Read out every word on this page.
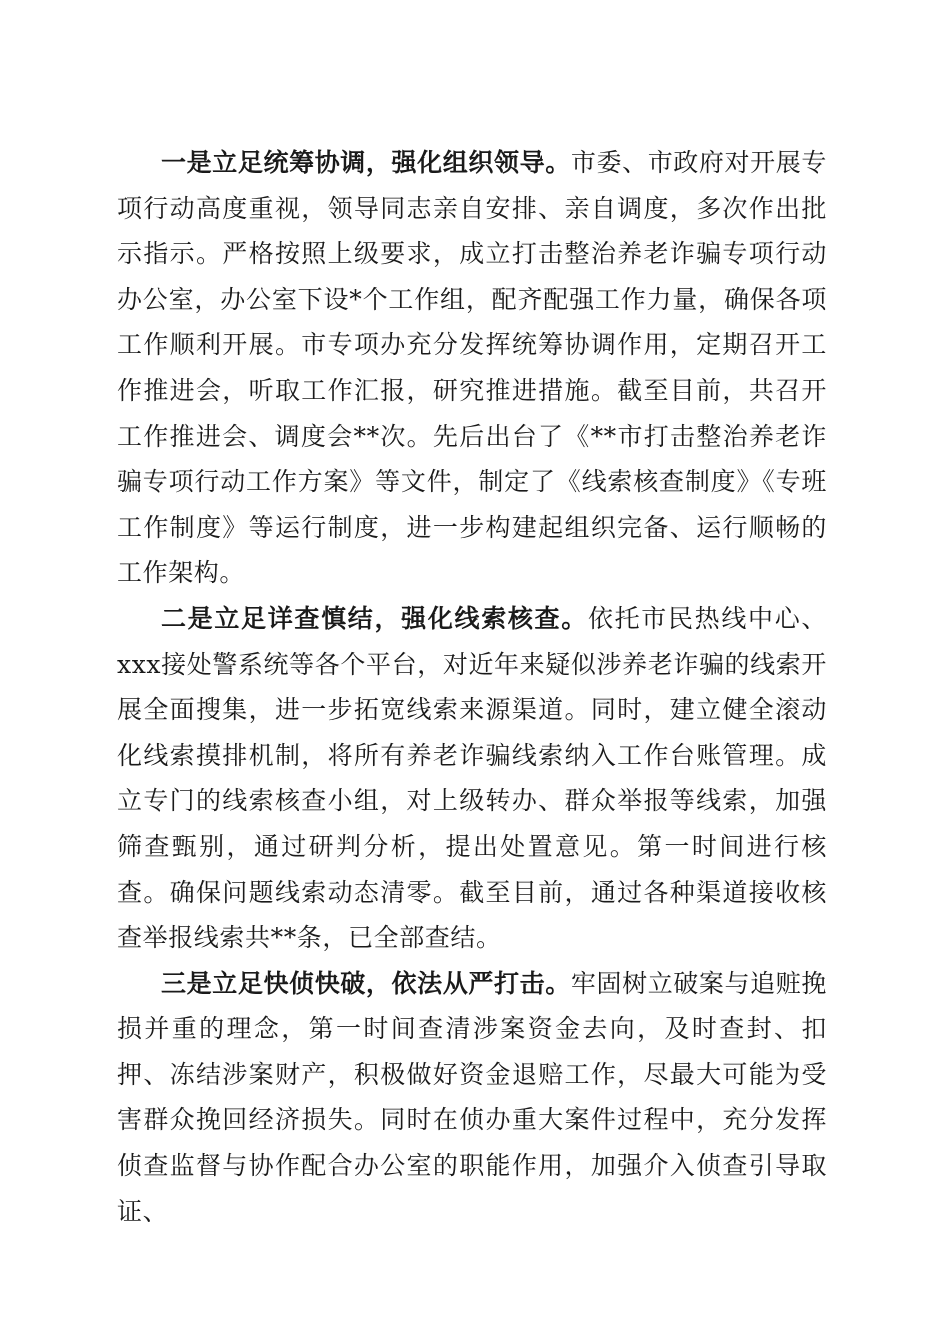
一是立足统筹协调，强化组织领导。市委、市政府对开展专项行动高度重视，领导同志亲自安排、亲自调度，多次作出批示指示。严格按照上级要求，成立打击整治养老诈骗专项行动办公室，办公室下设*个工作组，配齐配强工作力量，确保各项工作顺利开展。市专项办充分发挥统筹协调作用，定期召开工作推进会，听取工作汇报，研究推进措施。截至目前，共召开工作推进会、调度会**次。先后出台了《**市打击整治养老诈骗专项行动工作方案》等文件，制定了《线索核查制度》《专班工作制度》等运行制度，进一步构建起组织完备、运行顺畅的工作架构。

二是立足详查慎结，强化线索核查。依托市民热线中心、xxx接处警系统等各个平台，对近年来疑似涉养老诈骗的线索开展全面搜集，进一步拓宽线索来源渠道。同时，建立健全滚动化线索摸排机制，将所有养老诈骗线索纳入工作台账管理。成立专门的线索核查小组，对上级转办、群众举报等线索，加强筛查甄别，通过研判分析，提出处置意见。第一时间进行核查。确保问题线索动态清零。截至目前，通过各种渠道接收核查举报线索共**条，已全部查结。

三是立足快侦快破，依法从严打击。牢固树立破案与追赃挽损并重的理念，第一时间查清涉案资金去向，及时查封、扣押、冻结涉案财产，积极做好资金退赔工作，尽最大可能为受害群众挽回经济损失。同时在侦办重大案件过程中，充分发挥侦查监督与协作配合办公室的职能作用，加强介入侦查引导取证、
